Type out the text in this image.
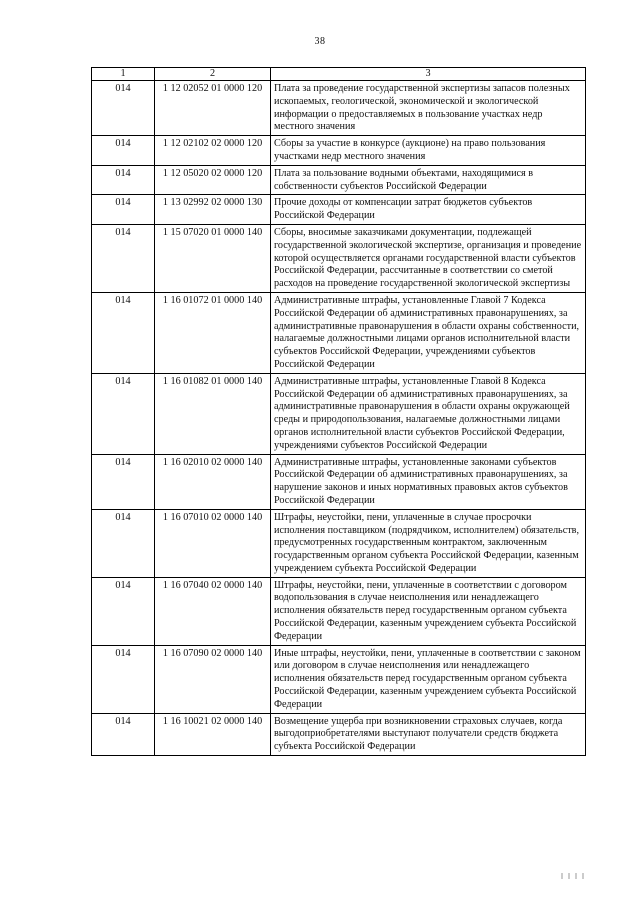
38
1	2	3
014	1 12 02052 01 0000 120	Плата за проведение государственной экспертизы запасов полезных ископаемых, геологической, экономической и экологической информации о предоставляемых в пользование участках недр местного значения
014	1 12 02102 02 0000 120	Сборы за участие в конкурсе (аукционе) на право пользования участками недр местного значения
014	1 12 05020 02 0000 120	Плата за пользование водными объектами, находящимися в собственности субъектов Российской Федерации
014	1 13 02992 02 0000 130	Прочие доходы от компенсации затрат бюджетов субъектов Российской Федерации
014	1 15 07020 01 0000 140	Сборы, вносимые заказчиками документации, подлежащей государственной экологической экспертизе, организация и проведение которой осуществляется органами государственной власти субъектов Российской Федерации, рассчитанные в соответствии со сметой расходов на проведение государственной экологической экспертизы
014	1 16 01072 01 0000 140	Административные штрафы, установленные Главой 7 Кодекса Российской Федерации об административных правонарушениях, за административные правонарушения в области охраны собственности, налагаемые должностными лицами органов исполнительной власти субъектов Российской Федерации, учреждениями субъектов Российской Федерации
014	1 16 01082 01 0000 140	Административные штрафы, установленные Главой 8 Кодекса Российской Федерации об административных правонарушениях, за административные правонарушения в области охраны окружающей среды и природопользования, налагаемые должностными лицами органов исполнительной власти субъектов Российской Федерации, учреждениями субъектов Российской Федерации
014	1 16 02010 02 0000 140	Административные штрафы, установленные законами субъектов Российской Федерации об административных правонарушениях, за нарушение законов и иных нормативных правовых актов субъектов Российской Федерации
014	1 16 07010 02 0000 140	Штрафы, неустойки, пени, уплаченные в случае просрочки исполнения поставщиком (подрядчиком, исполнителем) обязательств, предусмотренных государственным контрактом, заключенным государственным органом субъекта Российской Федерации, казенным учреждением субъекта Российской Федерации
014	1 16 07040 02 0000 140	Штрафы, неустойки, пени, уплаченные в соответствии с договором водопользования в случае неисполнения или ненадлежащего исполнения обязательств перед государственным органом субъекта Российской Федерации, казенным учреждением субъекта Российской Федерации
014	1 16 07090 02 0000 140	Иные штрафы, неустойки, пени, уплаченные в соответствии с законом или договором в случае неисполнения или ненадлежащего исполнения обязательств перед государственным органом субъекта Российской Федерации, казенным учреждением субъекта Российской Федерации
014	1 16 10021 02 0000 140	Возмещение ущерба при возникновении страховых случаев, когда выгодоприобретателями выступают получатели средств бюджета субъекта Российской Федерации
